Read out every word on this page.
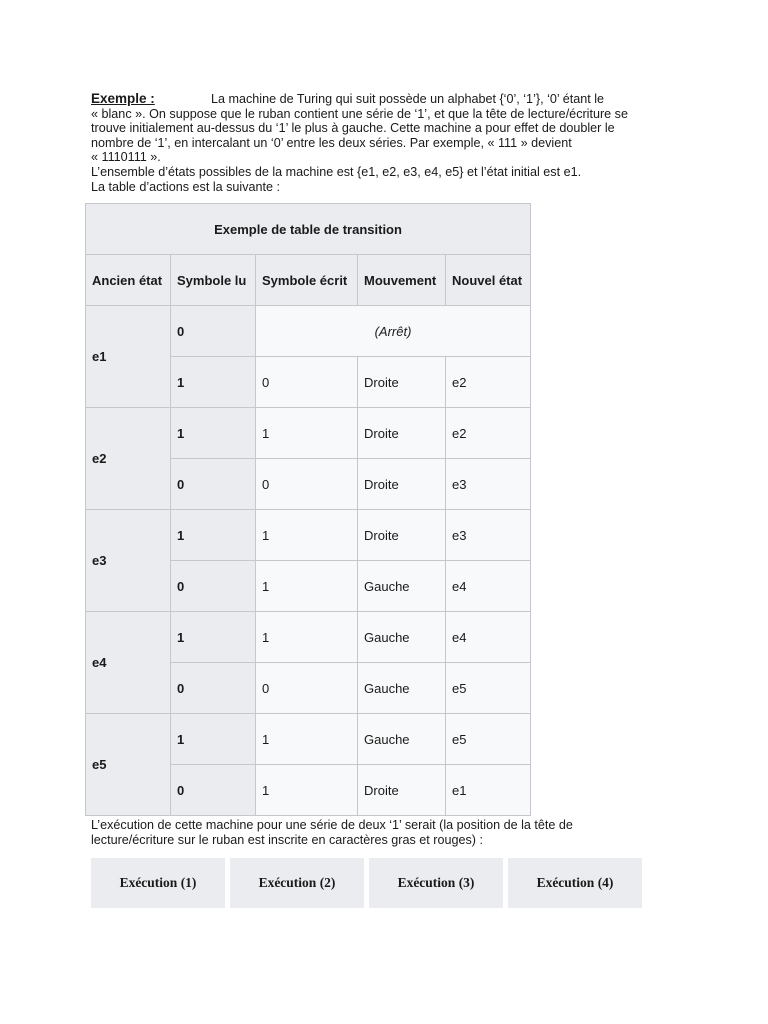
Exemple :	La machine de Turing qui suit possède un alphabet {‘0’, ‘1’}, ‘0’ étant le
« blanc ». On suppose que le ruban contient une série de ‘1’, et que la tête de lecture/écriture se
trouve initialement au-dessus du ‘1’ le plus à gauche. Cette machine a pour effet de doubler le
nombre de ‘1’, en intercalant un ‘0’ entre les deux séries. Par exemple, « 111 » devient
« 1110111 ».
L’ensemble d’états possibles de la machine est {e1, e2, e3, e4, e5} et l’état initial est e1.
La table d’actions est la suivante :
Exemple de table de transition				
Ancien état	Symbole lu	Symbole écrit	Mouvement	Nouvel état
e1	0	(Arrêt)		
	1	0	Droite	e2
e2	1	1	Droite	e2
	0	0	Droite	e3
e3	1	1	Droite	e3
	0	1	Gauche	e4
e4	1	1	Gauche	e4
	0	0	Gauche	e5
e5	1	1	Gauche	e5
	0	1	Droite	e1
L’exécution de cette machine pour une série de deux ‘1’ serait (la position de la tête de
lecture/écriture sur le ruban est inscrite en caractères gras et rouges) :
Exécution (1)	Exécution (2)	Exécution (3)	Exécution (4)
